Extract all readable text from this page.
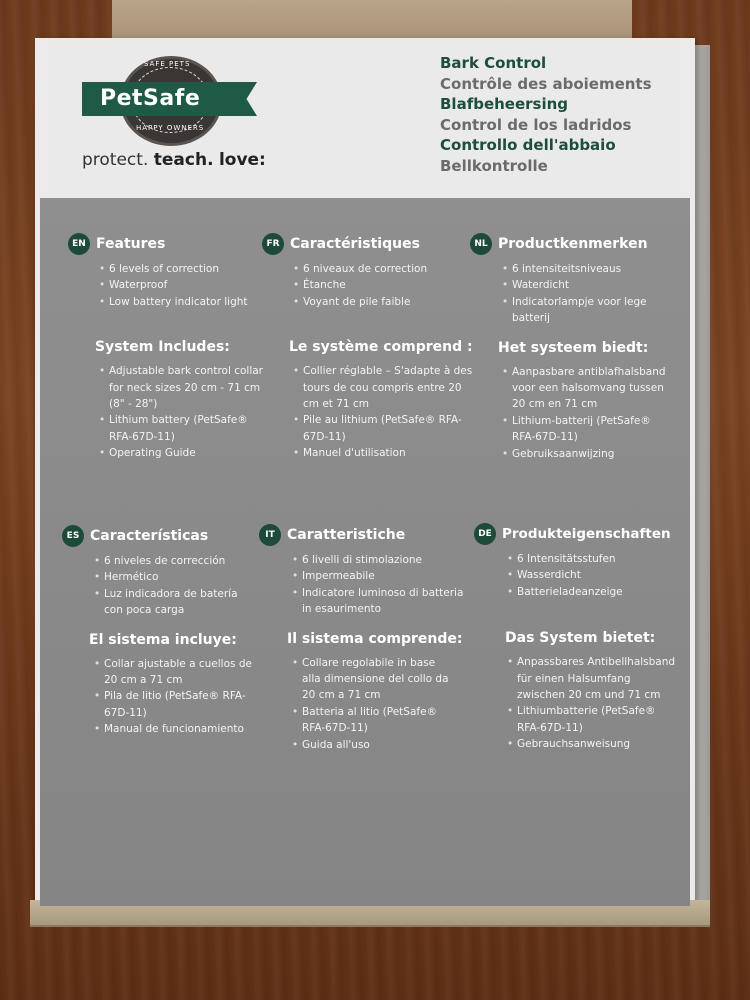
SAFE PETS
PetSafe
HAPPY OWNERS
protect. teach. love:
Bark Control
Contrôle des aboiements
Blafbeheersing
Control de los ladridos
Controllo dell'abbaio
Bellkontrolle
EN Features
• 6 levels of correction
• Waterproof
• Low battery indicator light
System Includes:
• Adjustable bark control collar for neck sizes 20 cm - 71 cm (8" - 28")
• Lithium battery (PetSafe® RFA-67D-11)
• Operating Guide
FR Caractéristiques
• 6 niveaux de correction
• Étanche
• Voyant de pile faible
Le système comprend :
• Collier réglable – S'adapte à des tours de cou compris entre 20 cm et 71 cm
• Pile au lithium (PetSafe® RFA-67D-11)
• Manuel d'utilisation
NL Productkenmerken
• 6 intensiteitsniveaus
• Waterdicht
• Indicatorlampje voor lege batterij
Het systeem biedt:
• Aanpasbare antiblafhalsband voor een halsomvang tussen 20 cm en 71 cm
• Lithium-batterij (PetSafe® RFA-67D-11)
• Gebruiksaanwijzing
ES Características
• 6 niveles de corrección
• Hermético
• Luz indicadora de batería con poca carga
El sistema incluye:
• Collar ajustable a cuellos de 20 cm a 71 cm
• Pila de litio (PetSafe® RFA-67D-11)
• Manual de funcionamiento
IT Caratteristiche
• 6 livelli di stimolazione
• Impermeabile
• Indicatore luminoso di batteria in esaurimento
Il sistema comprende:
• Collare regolabile in base alla dimensione del collo da 20 cm a 71 cm
• Batteria al litio (PetSafe® RFA-67D-11)
• Guida all'uso
DE Produkteigenschaften
• 6 Intensitätsstufen
• Wasserdicht
• Batterieladeanzeige
Das System bietet:
• Anpassbares Antibellhalsband für einen Halsumfang zwischen 20 cm und 71 cm
• Lithiumbatterie (PetSafe® RFA-67D-11)
• Gebrauchsanweisung
